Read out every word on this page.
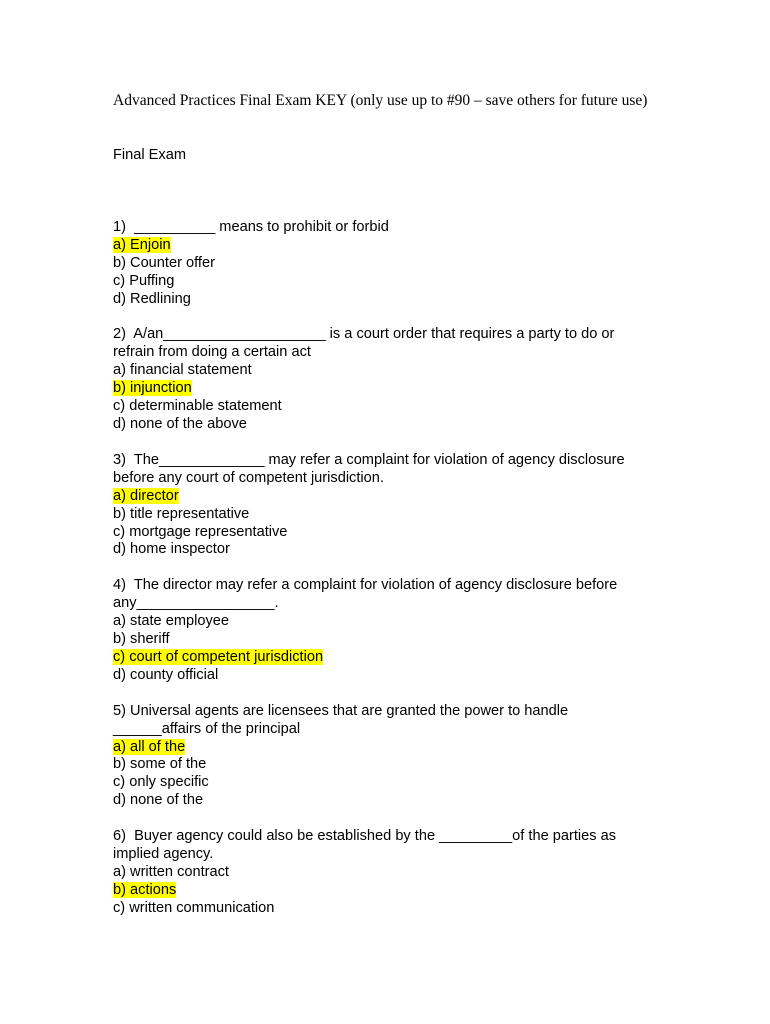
Advanced Practices Final Exam KEY (only use up to #90 – save others for future use)
Final Exam

1)  __________ means to prohibit or forbid

a) Enjoin
b) Counter offer
c) Puffing
d) Redlining

2)  A/an____________________ is a court order that requires a party to do or

refrain from doing a certain act

a) financial statement
b) injunction
c) determinable statement
d) none of the above

3)  The_____________ may refer a complaint for violation of agency disclosure

before any court of competent jurisdiction.

a) director
b) title representative
c) mortgage representative
d) home inspector

4)  The director may refer a complaint for violation of agency disclosure before

any_________________.

a) state employee
b) sheriff
c) court of competent jurisdiction
d) county official

5) Universal agents are licensees that are granted the power to handle

______affairs of the principal

a) all of the
b) some of the
c) only specific
d) none of the

6)  Buyer agency could also be established by the _________of the parties as

implied agency.

a) written contract
b) actions
c) written communication
